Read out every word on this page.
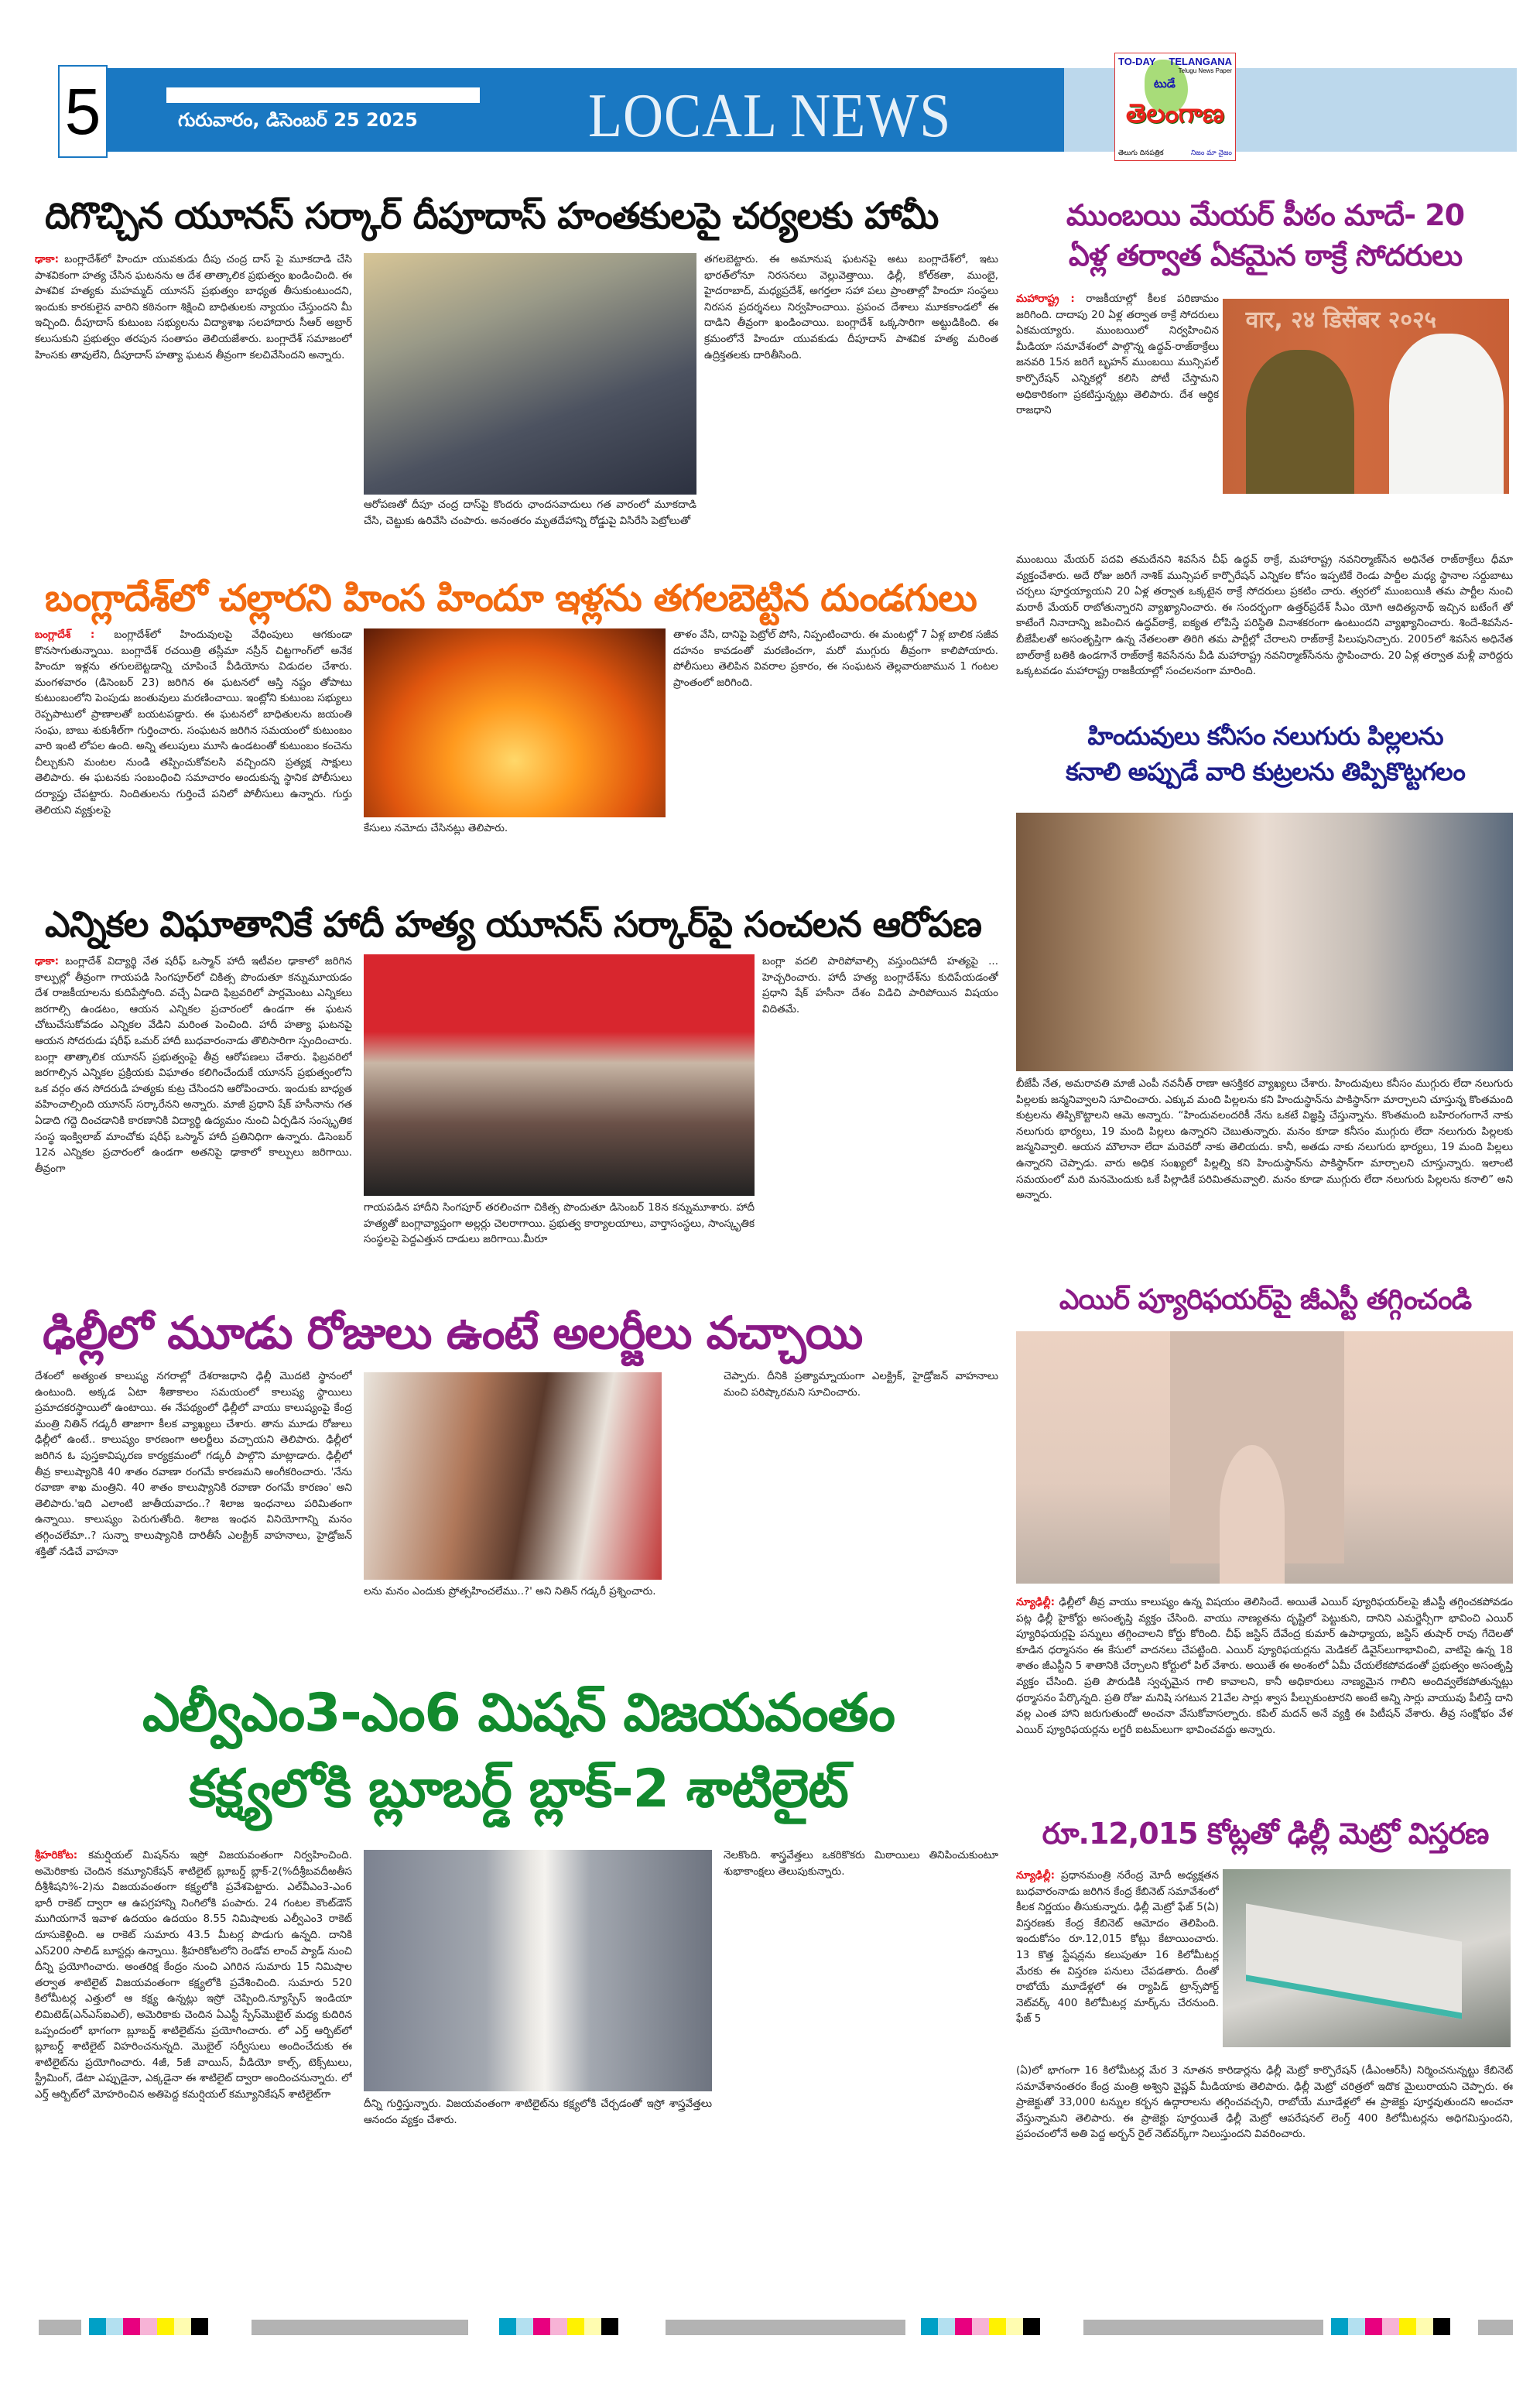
5	గురువారం, డిసెంబర్ 25 2025	LOCAL NEWS
TO-DAY TELANGANA
Telugu News Paper
టుడే
తెలంగాణ
తెలుగు దినపత్రిక	నిజం మా నైజం
దిగొచ్చిన యూనస్ సర్కార్ దీపూదాస్ హంతకులపై చర్యలకు హామీ
ఢాకా: బంగ్లాదేశ్‌లో హిందూ యువకుడు దీపు చంద్ర దాస్ పై మూకదాడి చేసి పాశవికంగా హత్య చేసిన ఘటనను ఆ దేశ తాత్కాలిక ప్రభుత్వం ఖండించింది. ఈ పాశవిక హత్యకు మహమ్మద్ యూనస్ ప్రభుత్వం బాధ్యత తీసుకుంటుందని, ఇందుకు కారకులైన వారిని కఠినంగా శిక్షించి బాధితులకు న్యాయం చేస్తుందని మీ ఇచ్చింది. దీపూదాస్ కుటుంబ సభ్యులను విద్యాశాఖ సలహాదారు సీఆర్ అబ్రార్ కలుసుకుని ప్రభుత్వం తరపున సంతాపం తెలియజేశారు. బంగ్లాదేశ్ సమాజంలో హింసకు తావులేని, దీపూదాస్ హత్యా ఘటన తీవ్రంగా కలచివేసిందని అన్నారు.
ఆరోపణతో దీపూ చంద్ర దాస్‌పై కొందరు ఛాందసవాదులు గత వారంలో మూకదాడి చేసి, చెట్టుకు ఉరివేసి చంపారు. అనంతరం మృతదేహాన్ని రోడ్డుపై విసిరేసి పెట్రోలుతో
తగలబెట్టారు. ఈ అమానుష ఘటనపై అటు బంగ్లాదేశ్‌లో, ఇటు భారత్‌లోనూ నిరసనలు వెల్లువెత్తాయి. ఢిల్లీ, కోల్‌కతా, ముంబై, హైదరాబాద్, మధ్యప్రదేశ్, అగర్తలా సహా పలు ప్రాంతాల్లో హిందూ సంస్థలు నిరసన ప్రదర్శనలు నిర్వహించాయి. ప్రపంచ దేశాలు మూకకాండలో ఈ దాడిని తీవ్రంగా ఖండించాయి. బంగ్లాదేశ్ ఒక్కసారిగా అట్టుడికింది. ఈ క్రమంలోనే హిందూ యువకుడు దీపూదాస్ పాశవిక హత్య మరింత ఉద్రిక్తతలకు దారితీసింది.
బంగ్లాదేశ్‌లో చల్లారని హింస హిందూ ఇళ్లను తగలబెట్టిన దుండగులు
బంగ్లాదేశ్ : బంగ్లాదేశ్‌లో హిందువులపై వేధింపులు ఆగకుండా కొనసాగుతున్నాయి. బంగ్లాదేశ్ రచయిత్రి తస్లీమా నస్రీన్ చిట్టగాంగ్‌లో అనేక హిందూ ఇళ్లను తగులబెట్టడాన్ని చూపించే వీడియోను విడుదల చేశారు. మంగళవారం (డిసెంబర్ 23) జరిగిన ఈ ఘటనలో ఆస్తి నష్టం తోపాటు కుటుంబంలోని పెంపుడు జంతువులు మరణించాయి. ఇంట్లోని కుటుంబ సభ్యులు రెప్పపాటులో ప్రాణాలతో బయటపడ్డారు. ఈ ఘటనలో బాధితులను జయంతి సంఘ, బాబు శుకుశీల్‌గా గుర్తించారు. సంఘటన జరిగిన సమయంలో కుటుంబం వారి ఇంటి లోపల ఉంది. అన్ని తలుపులు మూసి ఉండటంతో కుటుంబం కంచెను చీల్చుకుని మంటల నుండి తప్పించుకోవలసి వచ్చిందని ప్రత్యక్ష సాక్షులు తెలిపారు. ఈ ఘటనకు సంబంధించి సమాచారం అందుకున్న స్థానిక పోలీసులు దర్యాప్తు చేపట్టారు. నిందితులను గుర్తించే పనిలో పోలీసులు ఉన్నారు. గుర్తు తెలియని వ్యక్తులపై
కేసులు నమోదు చేసినట్లు తెలిపారు.
తాళం వేసి, దానిపై పెట్రోల్ పోసి, నిప్పంటించారు. ఈ మంటల్లో 7 ఏళ్ల బాలిక సజీవ దహనం కావడంతో మరణించగా, మరో ముగ్గురు తీవ్రంగా కాలిపోయారు. పోలీసులు తెలిపిన వివరాల ప్రకారం, ఈ సంఘటన తెల్లవారుజామున 1 గంటల ప్రాంతంలో జరిగింది.
ఎన్నికల విఘాతానికే హాదీ హత్య యూనస్ సర్కార్‌పై సంచలన ఆరోపణ
ఢాకా: బంగ్లాదేశ్ విద్యార్థి నేత షరీఫ్ ఒస్మాన్ హాదీ ఇటీవల ఢాకాలో జరిగిన కాల్పుల్లో తీవ్రంగా గాయపడి సింగపూర్‌లో చికిత్స పొందుతూ కన్నుమూయడం దేశ రాజకీయాలను కుదిపేస్తోంది. వచ్చే ఏడాది ఫిబ్రవరిలో పార్లమెంటు ఎన్నికలు జరగాల్సి ఉండటం, ఆయన ఎన్నికల ప్రచారంలో ఉండగా ఈ ఘటన చోటుచేసుకోవడం ఎన్నికల వేడిని మరింత పెంచింది. హాదీ హత్యా ఘటనపై ఆయన సోదరుడు షరీఫ్ ఒమర్ హాదీ బుధవారంనాడు తొలిసారిగా స్పందించారు. బంగ్లా తాత్కాలిక యూనస్ ప్రభుత్వంపై తీవ్ర ఆరోపణలు చేశారు. ఫిబ్రవరిలో జరగాల్సిన ఎన్నికల ప్రక్రియకు విఘాతం కలిగించేందుకే యూనస్ ప్రభుత్వంలోని ఒక వర్గం తన సోదరుడి హత్యకు కుట్ర చేసిందని ఆరోపించారు. ఇందుకు బాధ్యత వహించాల్సింది యూనస్ సర్కారేనని అన్నారు. మాజీ ప్రధాని షేక్ హసీనాను గత ఏడాది గద్దె దించడానికి కారణానికి విద్యార్థి ఉద్యమం నుంచి ఏర్పడిన సంస్కృతిక సంస్థ ఇంక్విలాబ్ మాంచోకు షరీఫ్ ఒస్మాన్ హాదీ ప్రతినిధిగా ఉన్నారు. డిసెంబర్ 12న ఎన్నికల ప్రచారంలో ఉండగా అతనిపై ఢాకాలో కాల్పులు జరిగాయి. తీవ్రంగా
గాయపడిన హాదీని సింగపూర్ తరలించగా చికిత్స పొందుతూ డిసెంబర్ 18న కన్నుమూశారు. హాదీ హత్యతో బంగ్లావ్యాప్తంగా అల్లర్లు చెలరాగాయి. ప్రభుత్వ కార్యాలయాలు, వార్తాసంస్థలు, సాంస్కృతిక సంస్థలపై పెద్దఎత్తున దాడులు జరిగాయి.మీరూ
బంగ్లా వదలి పారిపోవాల్సి వస్తుందిహాదీ హత్యపై ... హెచ్చరించారు. హాదీ హత్య బంగ్లాదేశ్‌ను కుదిపేయడంతో ప్రధాని షేక్ హసీనా దేశం విడిచి పారిపోయిన విషయం విదితమే.
ఢిల్లీలో మూడు రోజులు ఉంటే అలర్జీలు వచ్చాయి
దేశంలో అత్యంత కాలుష్య నగరాల్లో దేశరాజధాని ఢిల్లీ మొదటి స్థానంలో ఉంటుంది. అక్కడ ఏటా శీతాకాలం సమయంలో కాలుష్య స్థాయిలు ప్రమాదకరస్థాయిలో ఉంటాయి. ఈ నేపథ్యంలో ఢిల్లీలో వాయు కాలుష్యంపై కేంద్ర మంత్రి నితిన్ గడ్కరీ తాజాగా కీలక వ్యాఖ్యలు చేశారు. తాను మూడు రోజులు ఢిల్లీలో ఉంటే.. కాలుష్యం కారణంగా అలర్జీలు వచ్చాయని తెలిపారు. ఢిల్లీలో జరిగిన ఓ పుస్తకావిష్కరణ కార్యక్రమంలో గడ్కరీ పాల్గొని మాట్లాడారు. ఢిల్లీలో తీవ్ర కాలుష్యానికి 40 శాతం రవాణా రంగమే కారణమని అంగీకరించారు. 'నేను రవాణా శాఖ మంత్రిని. 40 శాతం కాలుష్యానికి రవాణా రంగమే కారణం' అని తెలిపారు.'ఇది ఎలాంటి జాతీయవాదం..? శిలాజ ఇంధనాలు పరిమితంగా ఉన్నాయి. కాలుష్యం పెరుగుతోంది. శిలాజ ఇంధన వినియోగాన్ని మనం తగ్గించలేమా..? సున్నా కాలుష్యానికి దారితీసే ఎలక్ట్రిక్ వాహనాలు, హైడ్రోజన్ శక్తితో నడిచే వాహనా
లను మనం ఎందుకు ప్రోత్సహించలేము..?' అని నితిన్ గడ్కరీ ప్రశ్నించారు.
చెప్పారు. దీనికి ప్రత్యామ్నాయంగా ఎలక్ట్రిక్, హైడ్రోజన్ వాహనాలు మంచి పరిష్కారమని సూచించారు.
ఎల్వీఎం3-ఎం6 మిషన్ విజయవంతం
కక్ష్యలోకి బ్లూబర్డ్ బ్లాక్-2 శాటిలైట్
శ్రీహరికోట: కమర్షియల్ మిషన్‌ను ఇస్రో విజయవంతంగా నిర్వహించింది. అమెరికాకు చెందిన కమ్యూనికేషన్ శాటిలైట్ బ్లూబర్డ్ బ్లాక్-2(%దీశ్రీబవదీఱతీస దీశ్రీశీషని%-2)ను విజయవంతంగా కక్ష్యలోకి ప్రవేశపెట్టారు. ఎల్‌వీఎం3-ఎం6 భారీ రాకెట్ ద్వారా ఆ ఉపగ్రహాన్ని నింగిలోకి పంపారు. 24 గంటల కౌంట్‌డౌన్ ముగియగానే ఇవాళ ఉదయం ఉదయం 8.55 నిమిషాలకు ఎల్వీఎం3 రాకెట్ దూసుకెళ్లింది. ఆ రాకెట్ సుమారు 43.5 మీటర్ల పొడుగు ఉన్నది. దానికి ఎస్200 సాలిడ్ బూస్టర్లు ఉన్నాయి. శ్రీహరికోటలోని రెండోవ లాంచ్ ప్యాడ్ నుంచి దీన్ని ప్రయోగించారు. అంతరిక్ష కేంద్రం నుంచి ఎగిరిన సుమారు 15 నిమిషాల తర్వాత శాటిలైట్ విజయవంతంగా కక్ష్యలోకి ప్రవేశించింది. సుమారు 520 కిలోమీటర్ల ఎత్తులో ఆ కక్ష్య ఉన్నట్లు ఇస్రో చెప్పింది.న్యూస్పేస్ ఇండియా లిమిటెడ్(ఎన్ఎస్ఐఎల్), అమెరికాకు చెందిన ఏఎస్టీ స్పేస్‌మొబైల్ మధ్య కుదిరిన ఒప్పందంలో భాగంగా బ్లూబర్డ్ శాటిలైట్‌ను ప్రయోగించారు. లో ఎర్త్ ఆర్బిట్‌లో బ్లూబర్డ్ శాటిలైట్ విహరించనున్నది. మొబైల్ సర్వీసులు అందించేదుకు ఈ శాటిలైట్‌ను ప్రయోగించారు. 4జీ, 5జీ వాయిస్, వీడియో కాల్స్, టెక్స్‌టులు, స్ట్రీమింగ్, డేటా ఎప్పుడైనా, ఎక్కడైనా ఈ శాటిలైట్ ద్వారా అందించనున్నారు. లో ఎర్త్ ఆర్బిట్‌లో మోహరించిన అతిపెద్ద కమర్షియల్ కమ్యూనికేషన్ శాటిలైట్‌గా
దీన్ని గుర్తిస్తున్నారు. విజయవంతంగా శాటిలైట్‌ను కక్ష్యలోకి చేర్చడంతో ఇస్రో శాస్త్రవేత్తలు ఆనందం వ్యక్తం చేశారు.
నెలకొంది. శాస్త్రవేత్తలు ఒకరికొకరు మిఠాయిలు తినిపించుకుంటూ శుభాకాంక్షలు తెలుపుకున్నారు.
ముంబయి మేయర్ పీఠం మాదే- 20
ఏళ్ల తర్వాత ఏకమైన ఠాక్రే సోదరులు
మహారాష్ట్ర : రాజకీయాల్లో కీలక పరిణామం జరిగింది. దాదాపు 20 ఏళ్ల తర్వాత ఠాక్రే సోదరులు ఏకమయ్యారు. ముంబయిలో నిర్వహించిన మీడియా సమావేశంలో పాల్గొన్న ఉద్ధవ్-రాజ్‌ఠాక్రేలు జనవరి 15న జరిగే బృహన్ ముంబయి మున్సిపల్ కార్పొరేషన్ ఎన్నికల్లో కలిసి పోటీ చేస్తామని అధికారికంగా ప్రకటిస్తున్నట్లు తెలిపారు. దేశ ఆర్థిక రాజధాని
वार, २४ डिसेंबर २०२५
ముంబయి మేయర్ పదవి తమదేనని శివసేన చీఫ్ ఉద్ధవ్ ఠాక్రే, మహారాష్ట్ర నవనిర్మాణ్‌సేన అధినేత రాజ్‌ఠాక్రేలు ధీమా వ్యక్తంచేశారు. అదే రోజు జరిగే నాశిక్ మున్సిపల్ కార్పొరేషన్ ఎన్నికల కోసం ఇప్పటికే రెండు పార్టీల మధ్య స్థానాల సర్దుబాటు చర్చలు పూర్తయ్యాయని 20 ఏళ్ల తర్వాత ఒక్కటైన ఠాక్రే సోదరులు ప్రకటిం చారు. త్వరలో ముంబయికి తమ పార్టీల నుంచి మరాఠీ మేయర్ రాబోతున్నారని వ్యాఖ్యానించారు. ఈ సందర్భంగా ఉత్తర్‌ప్రదేశ్ సీఎం యోగి ఆదిత్యనాథ్ ఇచ్చిన బటేంగే తో కాటేంగే నినాదాన్ని జపించిన ఉద్ధవ్‌ఠాక్రే, ఐక్యత లోపిస్తే పరిస్థితి వినాశకరంగా ఉంటుందని వ్యాఖ్యానించారు. శిందే-శివసేన-బీజేపీలతో అసంతృప్తిగా ఉన్న నేతలంతా తిరిగి తమ పార్టీల్లో చేరాలని రాజ్‌ఠాక్రే పిలుపునిచ్చారు. 2005లో శివసేన అధినేత బాల్‌ఠాక్రే బతికి ఉండగానే రాజ్‌ఠాక్రే శివసేనను వీడి మహారాష్ట్ర నవనిర్మాణ్‌సేనను స్థాపించారు. 20 ఏళ్ల తర్వాత మళ్లీ వారిద్దరు ఒక్కటవడం మహారాష్ట్ర రాజకీయాల్లో సంచలనంగా మారింది.
హిందువులు కనీసం నలుగురు పిల్లలను
కనాలి అప్పుడే వారి కుట్రలను తిప్పికొట్టగలం
బీజేపీ నేత, అమరావతి మాజీ ఎంపీ నవనీత్ రాణా ఆసక్తికర వ్యాఖ్యలు చేశారు. హిందువులు కనీసం ముగ్గురు లేదా నలుగురు పిల్లలకు జన్మనివ్వాలని సూచించారు. ఎక్కువ మంది పిల్లలను కని హిందుస్థాన్‌ను పాకిస్థాన్‌గా మార్చాలని చూస్తున్న కొంతమంది కుట్రలను తిప్పికొట్టాలని ఆమె అన్నారు. “హిందువలందరికీ నేను ఒకటే విజ్ఞప్తి చేస్తున్నాను. కొంతమంది బహిరంగంగానే నాకు నలుగురు భార్యలు, 19 మంది పిల్లలు ఉన్నారని చెబుతున్నారు. మనం కూడా కనీసం ముగ్గురు లేదా నలుగురు పిల్లలకు జన్మనివ్వాలి. ఆయన మౌలానా లేదా మరెవరో నాకు తెలియదు. కానీ, అతడు నాకు నలుగురు భార్యలు, 19 మంది పిల్లలు ఉన్నారని చెప్పాడు. వారు అధిక సంఖ్యలో పిల్లల్ని కని హిందుస్థాన్‌ను పాకిస్థాన్‌గా మార్చాలని చూస్తున్నారు. ఇలాంటి సమయంలో మరి మనమెందుకు ఒకే పిల్లాడికే పరిమితమవ్వాలి. మనం కూడా ముగ్గురు లేదా నలుగురు పిల్లలను కనాలి” అని అన్నారు.
ఎయిర్ ప్యూరిఫయర్‌పై జీఎస్టీ తగ్గించండి
న్యూఢిల్లీ: ఢిల్లీలో తీవ్ర వాయు కాలుష్యం ఉన్న విషయం తెలిసిందే. అయితే ఎయిర్ ప్యూరిఫయర్‌లపై జీఎస్టీ తగ్గించకపోవడం పట్ల ఢిల్లీ హైకోర్టు అసంతృప్తి వ్యక్తం చేసింది. వాయు నాణ్యతను దృష్టిలో పెట్టుకుని, దానిని ఎమర్జెన్సీగా భావించి ఎయిర్ ప్యూరిఫయర్లపై పన్నులు తగ్గించాలని కోర్టు కోరింది. చీఫ్ జస్టిస్ దేవేంద్ర కుమార్ ఉపాధ్యాయ, జస్టిస్ తుషార్ రావు గేదెలతో కూడిన ధర్మాసనం ఈ కేసులో వాదనలు చేపట్టింది. ఎయిర్ ప్యూరిఫయర్లను మెడికల్ డివైస్‌లుగాభావించి, వాటిపై ఉన్న 18 శాతం జీఎస్టీని 5 శాతానికి చేర్చాలని కోర్టులో పిల్ వేశారు. అయితే ఈ అంశంలో ఏమీ చేయలేకపోవడంతో ప్రభుత్వం అసంతృప్తి వ్యక్తం చేసింది. ప్రతి పౌరుడికి స్వచ్ఛమైన గాలి కావాలని, కానీ అధికారులు నాణ్యమైన గాలిని అందివ్వలేకపోతున్నట్లు ధర్మాసనం పేర్కొన్నది. ప్రతి రోజు మనిషి సగటున 21వేల సార్లు శ్వాస పీల్చుకుంటారని అంటే అన్ని సార్లు వాయువు పీలిస్తే దాని వల్ల ఎంత హాని జరుగుతుందో అంచనా వేసుకోవాసల్నారు. కపిల్ మదన్ అనే వ్యక్తి ఈ పిటీషన్ వేశారు. తీవ్ర సంక్షోభం వేళ ఎయిర్ ప్యూరిఫయర్లను లగ్జరీ ఐటమ్‌లుగా భావించవద్దు అన్నారు.
రూ.12,015 కోట్లతో ఢిల్లీ మెట్రో విస్తరణ
న్యూఢిల్లీ: ప్రధానమంత్రి నరేంద్ర మోదీ అధ్యక్షతన బుధవారంనాడు జరిగిన కేంద్ర కేబినెట్ సమావేశంలో కీలక నిర్ణయం తీసుకున్నారు. ఢిల్లీ మెట్రో ఫేజ్ 5(ఏ) విస్తరణకు కేంద్ర కేబినెట్ ఆమోదం తెలిపింది. ఇందుకోసం రూ.12,015 కోట్లు కేటాయించారు. 13 కొత్త స్టేషన్లను కలుపుతూ 16 కిలోమీటర్ల మేరకు ఈ విస్తరణ పనులు చేపడతారు. దీంతో రాబోయే మూడేళ్లలో ఈ ర్యాపిడ్ ట్రాన్స్‌పోర్ట్ నెట్‌వర్క్ 400 కిలోమీటర్ల మార్క్‌ను చేరనుంది. ఫేజ్ 5
(ఏ)లో భాగంగా 16 కిలోమీటర్ల మేర 3 నూతన కారిడార్లను ఢిల్లీ మెట్రో కార్పొరేషన్ (డీఎంఆర్‌సీ) నిర్మించనున్నట్టు కేబినెట్ సమావేశానంతరం కేంద్ర మంత్రి అశ్విని వైష్ణవ్ మీడియాకు తెలిపారు. ఢిల్లీ మెట్రో చరిత్రలో ఇదొక మైలురాయని చెప్పారు. ఈ ప్రాజెక్టుతో 33,000 టన్నుల కర్బన ఉద్గారాలను తగ్గించవచ్చని, రాబోయే మూడేళ్లలో ఈ ప్రాజెక్టు పూర్తవుతుందని అంచనా వేస్తున్నామని తెలిపారు. ఈ ప్రాజెక్టు పూర్తయితే ఢిల్లీ మెట్రో ఆపరేషనల్ లెంగ్త్ 400 కిలోమీటర్లను అధిగమిస్తుందని, ప్రపంచంలోనే అతి పెద్ద అర్బన్ రైల్ నెట్‌వర్క్‌గా నిలుస్తుందని వివరించారు.
